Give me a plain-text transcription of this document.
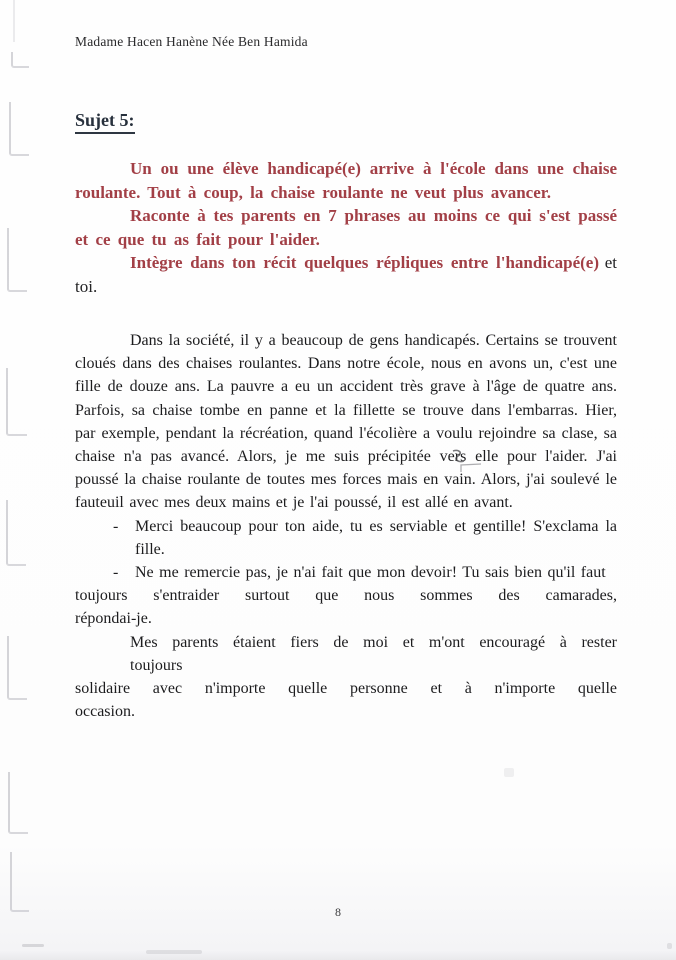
Madame Hacen Hanène Née Ben Hamida
Sujet 5:

Un ou une élève handicapé(e) arrive à l'école dans une chaise roulante. Tout à coup, la chaise roulante ne veut plus avancer.

Raconte à tes parents en 7 phrases au moins ce qui s'est passé et ce que tu as fait pour l'aider.

Intègre dans ton récit quelques répliques entre l'handicapé(e) et toi.

Dans la société, il y a beaucoup de gens handicapés. Certains se trouvent cloués dans des chaises roulantes. Dans notre école, nous en avons un, c'est une fille de douze ans. La pauvre a eu un accident très grave à l'âge de quatre ans. Parfois, sa chaise tombe en panne et la fillette se trouve dans l'embarras. Hier, par exemple, pendant la récréation, quand l'écolière a voulu rejoindre sa clase, sa chaise n'a pas avancé. Alors, je me suis précipitée vers elle pour l'aider. J'ai poussé la chaise roulante de toutes mes forces mais en vain. Alors, j'ai soulevé le fauteuil avec mes deux mains et je l'ai poussé, il est allé en avant.

- Merci beaucoup pour ton aide, tu es serviable et gentille! S'exclama la fille.
- Ne me remercie pas, je n'ai fait que mon devoir! Tu sais bien qu'il faut

toujours s'entraider surtout que nous sommes des camarades,

répondai-je.

Mes parents étaient fiers de moi et m'ont encouragé à rester

toujours

solidaire avec n'importe quelle personne et à n'importe quelle

occasion.

8
